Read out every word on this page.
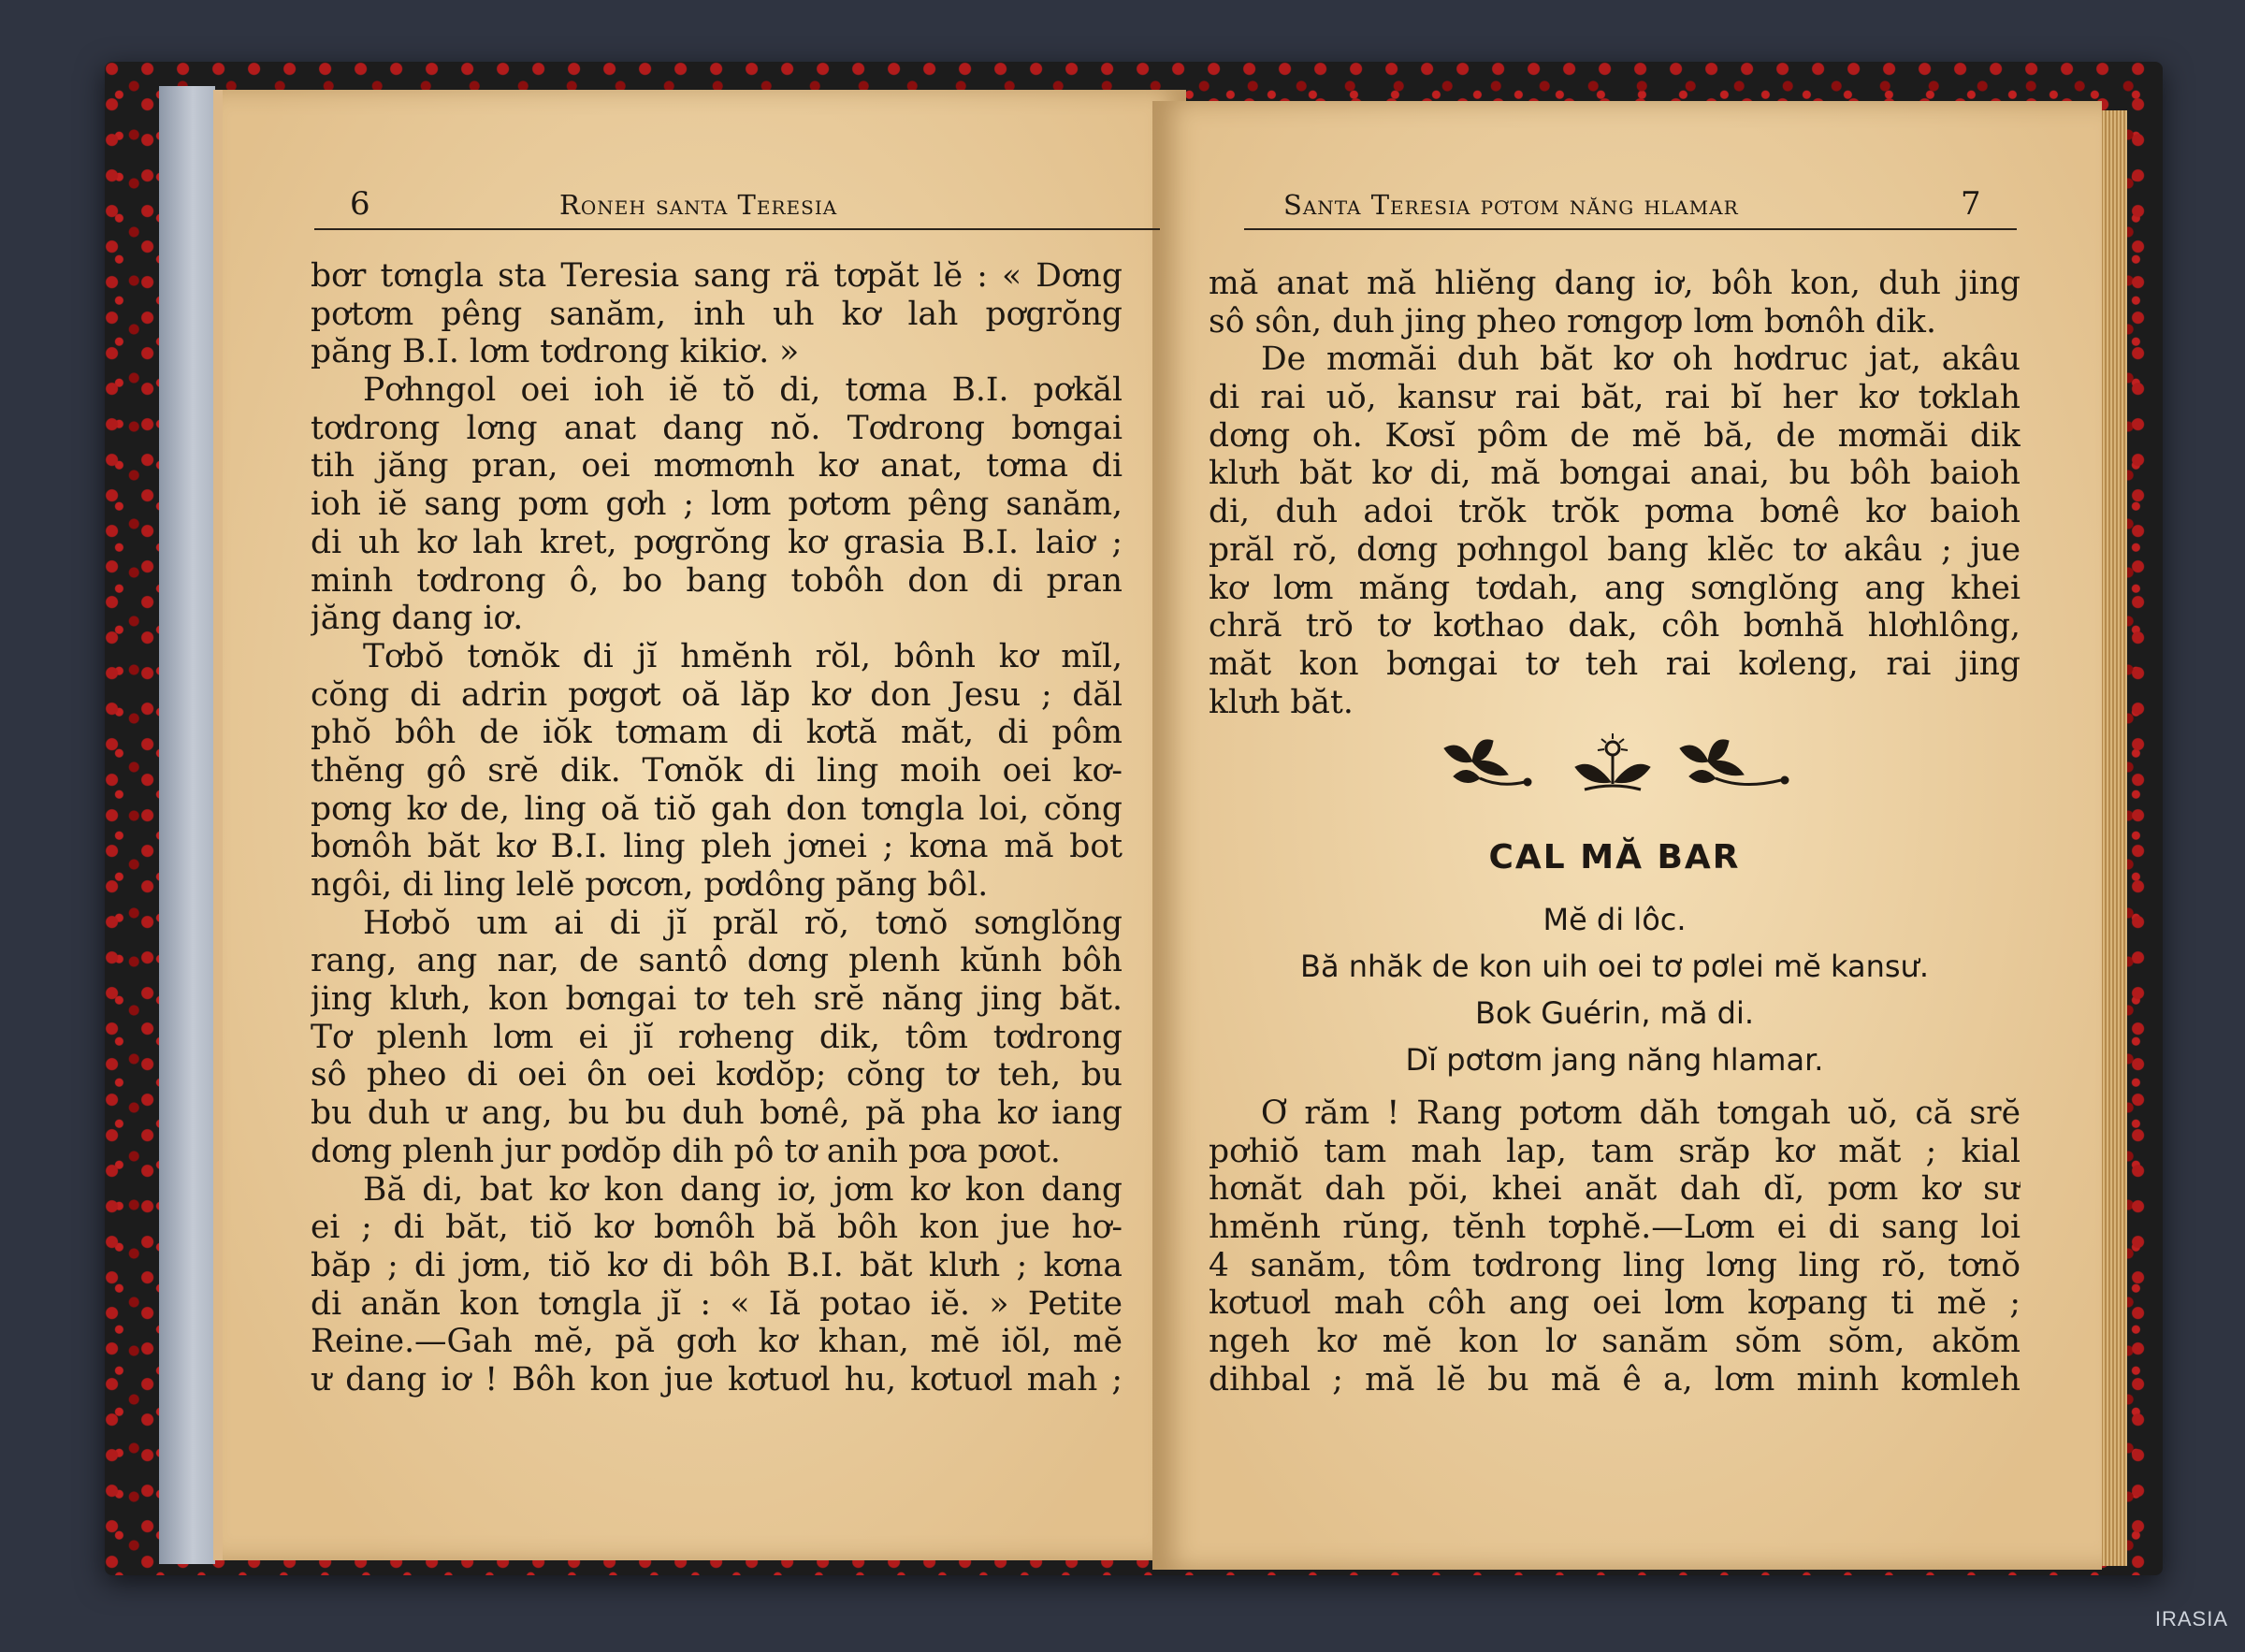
6	Roneh santa Teresia	Santa Teresia pơtơm năng hlamar	7
bơr tơngla sta Teresia sang rä tơpăt lĕ : « Dơng
pơtơm pêng sanăm, inh uh kơ lah pơgrŏng
păng B.I. lơm tơdrong kikiơ. »
Pơhngol oei ioh iĕ tŏ di, tơma B.I. pơkăl
tơdrong lơng anat dang nŏ. Tơdrong bơngai
tih jăng pran, oei mơmơnh kơ anat, tơma di
ioh iĕ sang pơm gơh ; lơm pơtơm pêng sanăm,
di uh kơ lah kret, pơgrŏng kơ grasia B.I. laiơ ;
minh tơdrong ô, bo bang tobôh don di pran
jăng dang iơ.
Tơbŏ tơnŏk di jĭ hmĕnh rŏl, bônh kơ mĭl,
cŏng di adrin pơgơt oă lăp kơ don Jesu ; dăl
phŏ bôh de iŏk tơmam di kơtă măt, di pôm
thĕng gô srĕ dik. Tơnŏk di ling moih oei kơ-
pơng kơ de, ling oă tiŏ gah don tơngla loi, cŏng
bơnôh băt kơ B.I. ling pleh jơnei ; kơna mă bot
ngôi, di ling lelĕ pơcơn, pơdông păng bôl.
Hơbŏ um ai di jĭ prăl rŏ, tơnŏ sơnglŏng
rang, ang nar, de santô dơng plenh kŭnh bôh
jing klưh, kon bơngai tơ teh srĕ năng jing băt.
Tơ plenh lơm ei jĭ rơheng dik, tôm tơdrong
sô pheo di oei ôn oei kơdŏp; cŏng tơ teh, bu
bu duh ư ang, bu bu duh bơnê, pă pha kơ iang
dơng plenh jur pơdŏp dih pô tơ anih pơa pơot.
Bă di, bat kơ kon dang iơ, jơm kơ kon dang
ei ; di băt, tiŏ kơ bơnôh bă bôh kon jue hơ-
băp ; di jơm, tiŏ kơ di bôh B.I. băt klưh ; kơna
di anăn kon tơngla jĭ : « Iă potao iĕ. » Petite
Reine.—Gah mĕ, pă gơh kơ khan, mĕ iŏl, mĕ
ư dang iơ ! Bôh kon jue kơtuơl hu, kơtuơl mah ;
mă anat mă hliĕng dang iơ, bôh kon, duh jing
sô sôn, duh jing pheo rơngơp lơm bơnôh dik.
De mơmăi duh băt kơ oh hơdruc jat, akâu
di rai uŏ, kansư rai băt, rai bĭ her kơ tơklah
dơng oh. Kơsĭ pôm de mĕ bă, de mơmăi dik
klưh băt kơ di, mă bơngai anai, bu bôh baioh
di, duh adoi trŏk trŏk pơma bơnê kơ baioh
prăl rŏ, dơng pơhngol bang klĕc tơ akâu ; jue
kơ lơm măng tơdah, ang sơnglŏng ang khei
chră trŏ tơ kơthao dak, côh bơnhă hlơhlông,
măt kon bơngai tơ teh rai kơleng, rai jing
klưh băt.
CAL MĂ BAR
Mĕ di lôc.
Bă nhăk de kon uih oei tơ pơlei mĕ kansư.
Bok Guérin, mă di.
Dĭ pơtơm jang năng hlamar.
Ơ răm ! Rang pơtơm dăh tơngah uŏ, că srĕ
pơhiŏ tam mah lap, tam srăp kơ măt ; kial
hơnăt dah pŏi, khei anăt dah dĭ, pơm kơ sư
hmĕnh rŭng, tĕnh tơphĕ.—Lơm ei di sang loi
4 sanăm, tôm tơdrong ling lơng ling rŏ, tơnŏ
kơtuơl mah côh ang oei lơm kơpang ti mĕ ;
ngeh kơ mĕ kon lơ sanăm sŏm sŏm, akŏm
dihbal ; mă lĕ bu mă ê a, lơm minh kơmleh
IRASIA
